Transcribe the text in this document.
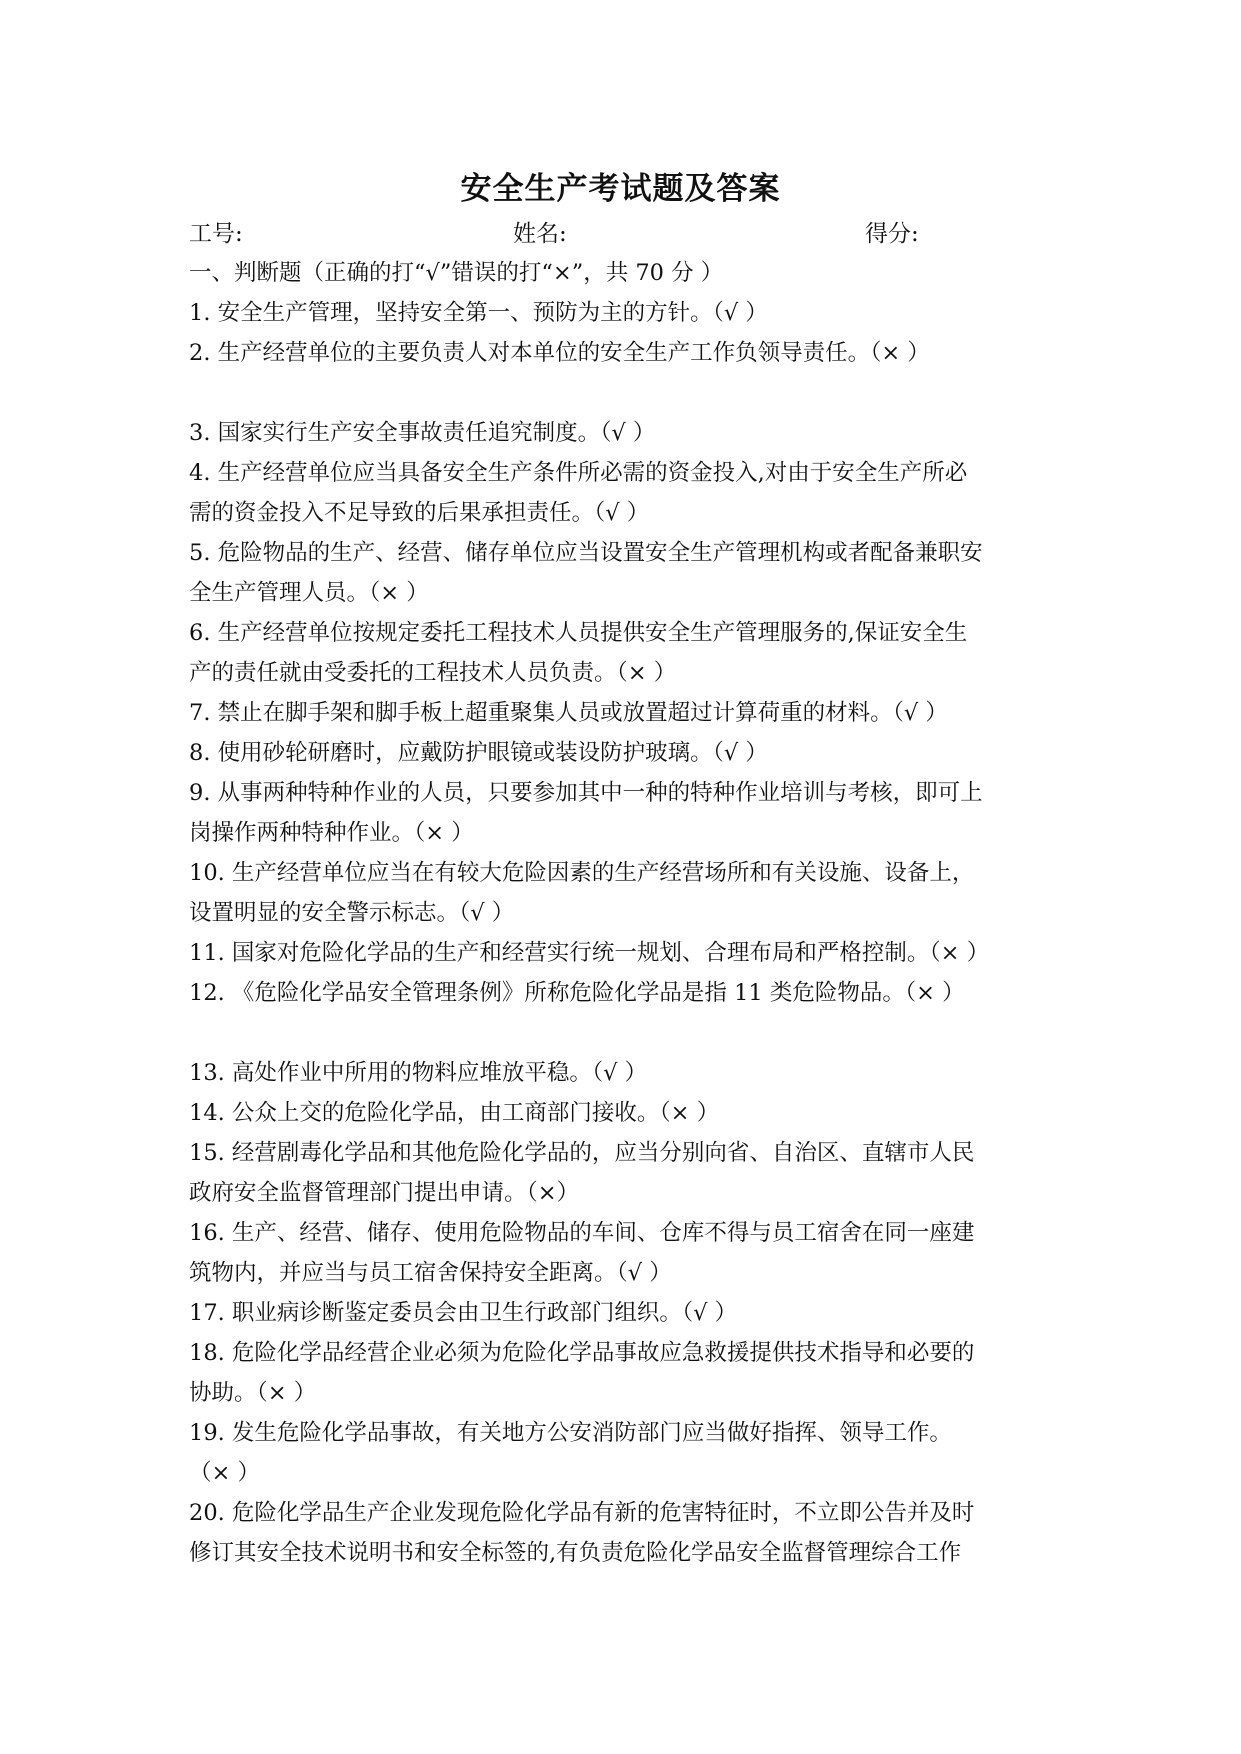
安全生产考试题及答案
工号:	姓名:	得分:
一、判断题（正确的打“√”错误的打“×”，共 70 分 ）
1. 安全生产管理，坚持安全第一、预防为主的方针。（√ ）
2. 生产经营单位的主要负责人对本单位的安全生产工作负领导责任。（× ）
3. 国家实行生产安全事故责任追究制度。（√ ）
4. 生产经营单位应当具备安全生产条件所必需的资金投入,对由于安全生产所必
需的资金投入不足导致的后果承担责任。（√ ）
5. 危险物品的生产、经营、储存单位应当设置安全生产管理机构或者配备兼职安
全生产管理人员。（× ）
6. 生产经营单位按规定委托工程技术人员提供安全生产管理服务的,保证安全生
产的责任就由受委托的工程技术人员负责。（× ）
7. 禁止在脚手架和脚手板上超重聚集人员或放置超过计算荷重的材料。（√ ）
8. 使用砂轮研磨时，应戴防护眼镜或装设防护玻璃。（√ ）
9. 从事两种特种作业的人员，只要参加其中一种的特种作业培训与考核，即可上
岗操作两种特种作业。（× ）
10. 生产经营单位应当在有较大危险因素的生产经营场所和有关设施、设备上，
设置明显的安全警示标志。（√ ）
11. 国家对危险化学品的生产和经营实行统一规划、合理布局和严格控制。（× ）
12. 《危险化学品安全管理条例》所称危险化学品是指 11 类危险物品。（× ）
13. 高处作业中所用的物料应堆放平稳。（√ ）
14. 公众上交的危险化学品，由工商部门接收。（× ）
15. 经营剧毒化学品和其他危险化学品的，应当分别向省、自治区、直辖市人民
政府安全监督管理部门提出申请。（×）
16. 生产、经营、储存、使用危险物品的车间、仓库不得与员工宿舍在同一座建
筑物内，并应当与员工宿舍保持安全距离。（√ ）
17. 职业病诊断鉴定委员会由卫生行政部门组织。（√ ）
18. 危险化学品经营企业必须为危险化学品事故应急救援提供技术指导和必要的
协助。（× ）
19. 发生危险化学品事故，有关地方公安消防部门应当做好指挥、领导工作。
（× ）
20. 危险化学品生产企业发现危险化学品有新的危害特征时，不立即公告并及时
修订其安全技术说明书和安全标签的,有负责危险化学品安全监督管理综合工作
